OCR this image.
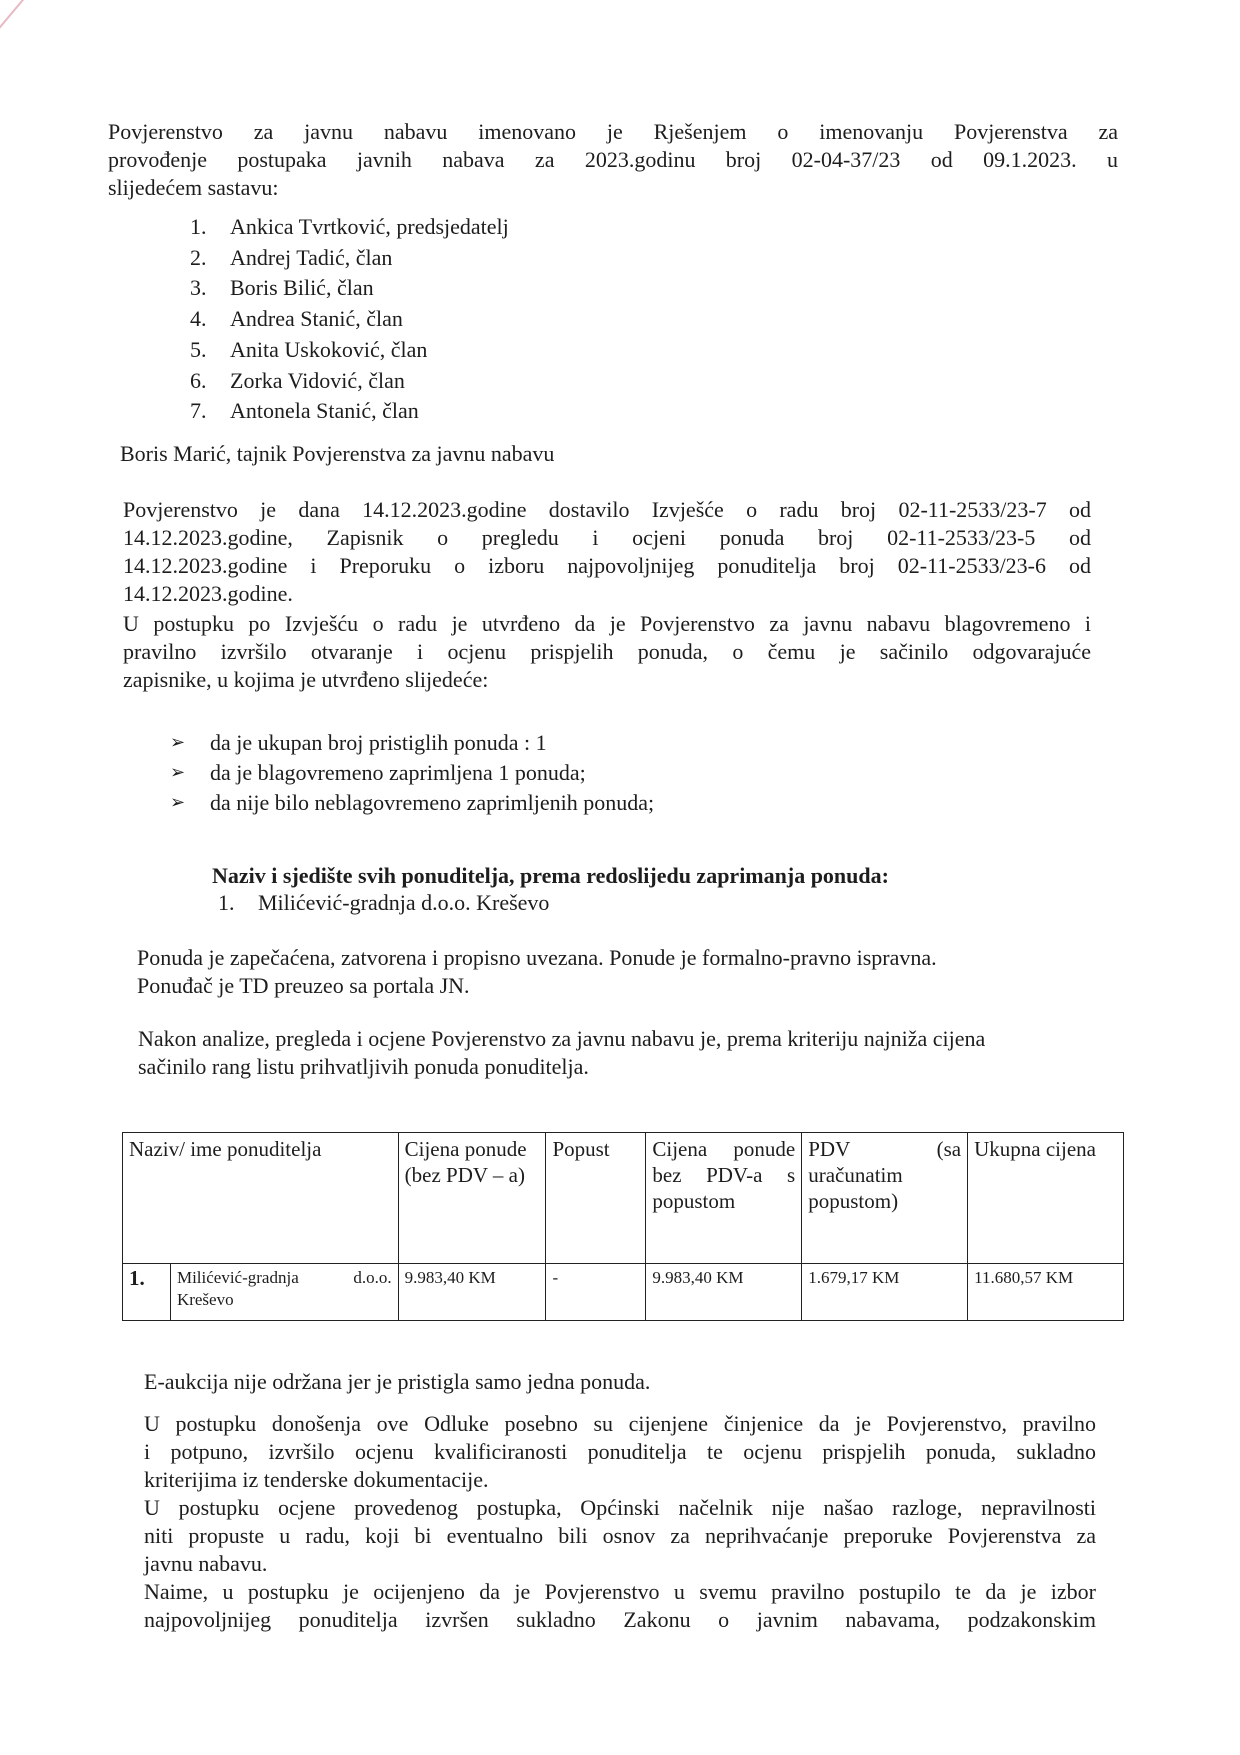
Povjerenstvo za javnu nabavu imenovano je Rješenjem o imenovanju Povjerenstva za
provođenje postupaka javnih nabava za 2023.godinu broj 02-04-37/23 od 09.1.2023. u
slijedećem sastavu:
1. Ankica Tvrtković, predsjedatelj
2. Andrej Tadić, član
3. Boris Bilić, član
4. Andrea Stanić, član
5. Anita Uskoković, član
6. Zorka Vidović, član
7. Antonela Stanić, član
Boris Marić, tajnik Povjerenstva za javnu nabavu
Povjerenstvo je dana 14.12.2023.godine dostavilo Izvješće o radu broj 02-11-2533/23-7 od
14.12.2023.godine, Zapisnik o pregledu i ocjeni ponuda broj 02-11-2533/23-5 od
14.12.2023.godine i Preporuku o izboru najpovoljnijeg ponuditelja broj 02-11-2533/23-6 od
14.12.2023.godine.
U postupku po Izvješću o radu je utvrđeno da je Povjerenstvo za javnu nabavu blagovremeno i
pravilno izvršilo otvaranje i ocjenu prispjelih ponuda, o čemu je sačinilo odgovarajuće
zapisnike, u kojima je utvrđeno slijedeće:
➢	da je ukupan broj pristiglih ponuda : 1
➢	da je blagovremeno zaprimljena 1 ponuda;
➢	da nije bilo neblagovremeno zaprimljenih ponuda;
Naziv i sjedište svih ponuditelja, prema redoslijedu zaprimanja ponuda:
1. Milićević-gradnja d.o.o. Kreševo
Ponuda je zapečaćena, zatvorena i propisno uvezana. Ponude je formalno-pravno ispravna.
Ponuđač je TD preuzeo sa portala JN.
Nakon analize, pregleda i ocjene Povjerenstvo za javnu nabavu je, prema kriteriju najniža cijena
sačinilo rang listu prihvatljivih ponuda ponuditelja.
Naziv/ ime ponuditelja		Cijena ponude (bez PDV – a)	Popust	Cijena ponude bez PDV-a s popustom	PDV (sa uračunatim popustom)	Ukupna cijena
1.	Milićević-gradnja d.o.o. Kreševo	9.983,40 KM	-	9.983,40 KM	1.679,17 KM	11.680,57 KM
E-aukcija nije održana jer je pristigla samo jedna ponuda.
U postupku donošenja ove Odluke posebno su cijenjene činjenice da je Povjerenstvo, pravilno
i potpuno, izvršilo ocjenu kvalificiranosti ponuditelja te ocjenu prispjelih ponuda, sukladno
kriterijima iz tenderske dokumentacije.
U postupku ocjene provedenog postupka, Općinski načelnik nije našao razloge, nepravilnosti
niti propuste u radu, koji bi eventualno bili osnov za neprihvaćanje preporuke Povjerenstva za
javnu nabavu.
Naime, u postupku je ocijenjeno da je Povjerenstvo u svemu pravilno postupilo te da je izbor
najpovoljnijeg ponuditelja izvršen sukladno Zakonu o javnim nabavama, podzakonskim
